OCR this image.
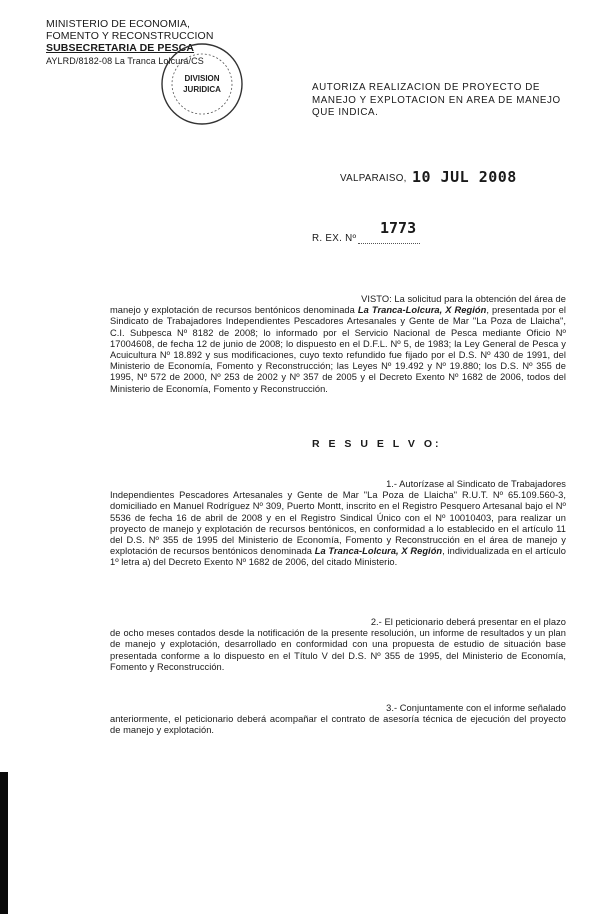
MINISTERIO DE ECONOMIA,
FOMENTO Y RECONSTRUCCION
SUBSECRETARIA DE PESCA
AYLRD/8182-08 La Tranca Lolcura/CS
DIVISION
JURIDICA	AUTORIZA REALIZACION DE PROYECTO DE MANEJO Y EXPLOTACION EN AREA DE MANEJO QUE INDICA.
VALPARAISO, 10 JUL 2008
R. EX. Nº
1773
VISTO: La solicitud para la obtención del área de
manejo y explotación de recursos bentónicos denominada La Tranca-Lolcura, X Región, presentada por el Sindicato de Trabajadores Independientes Pescadores Artesanales y Gente de Mar "La Poza de Llaicha", C.I. Subpesca Nº 8182 de 2008; lo informado por el Servicio Nacional de Pesca mediante Oficio Nº 17004608, de fecha 12 de junio de 2008; lo dispuesto en el D.F.L. Nº 5, de 1983; la Ley General de Pesca y Acuicultura Nº 18.892 y sus modificaciones, cuyo texto refundido fue fijado por el D.S. Nº 430 de 1991, del Ministerio de Economía, Fomento y Reconstrucción; las Leyes Nº 19.492 y Nº 19.880; los D.S. Nº 355 de 1995, Nº 572 de 2000, Nº 253 de 2002 y Nº 357 de 2005 y el Decreto Exento Nº 1682 de 2006, todos del Ministerio de Economía, Fomento y Reconstrucción.
R E S U E L V O:
1.- Autorízase al Sindicato de Trabajadores
Independientes Pescadores Artesanales y Gente de Mar "La Poza de Llaicha" R.U.T. Nº 65.109.560-3, domiciliado en Manuel Rodríguez Nº 309, Puerto Montt, inscrito en el Registro Pesquero Artesanal bajo el Nº 5536 de fecha 16 de abril de 2008 y en el Registro Sindical Único con el Nº 10010403, para realizar un proyecto de manejo y explotación de recursos bentónicos, en conformidad a lo establecido en el artículo 11 del D.S. Nº 355 de 1995 del Ministerio de Economía, Fomento y Reconstrucción en el área de manejo y explotación de recursos bentónicos denominada La Tranca-Lolcura, X Región, individualizada en el artículo 1º letra a) del Decreto Exento Nº 1682 de 2006, del citado Ministerio.
2.- El peticionario deberá presentar en el plazo
de ocho meses contados desde la notificación de la presente resolución, un informe de resultados y un plan de manejo y explotación, desarrollado en conformidad con una propuesta de estudio de situación base presentada conforme a lo dispuesto en el Título V del D.S. Nº 355 de 1995, del Ministerio de Economía, Fomento y Reconstrucción.
3.- Conjuntamente con el informe señalado
anteriormente, el peticionario deberá acompañar el contrato de asesoría técnica de ejecución del proyecto de manejo y explotación.
